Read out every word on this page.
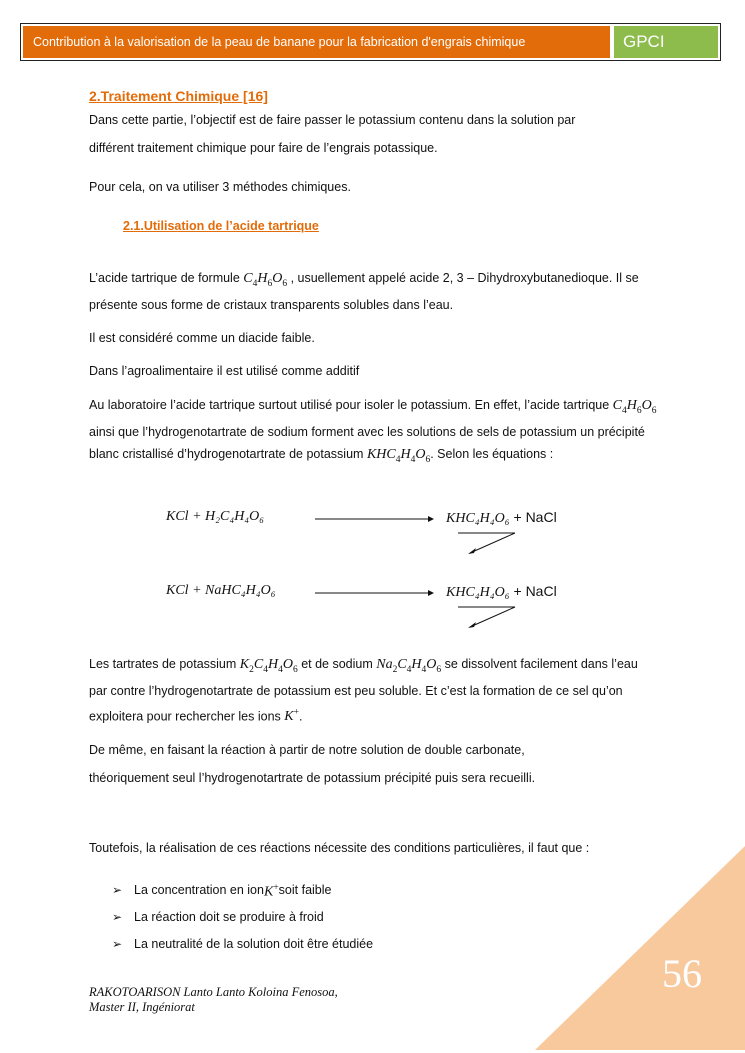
Contribution à la valorisation de la peau de banane pour la fabrication d'engrais chimique	GPCI
2.Traitement Chimique [16]

Dans cette partie, l’objectif est de faire passer le potassium contenu dans la solution par

différent traitement chimique pour faire de l’engrais potassique.

Pour cela, on va utiliser 3 méthodes chimiques.

2.1.Utilisation de l’acide tartrique

L’acide tartrique de formule $C_4H_6O_6$ , usuellement appelé acide 2, 3 – Dihydroxybutanedioque. Il se présente sous forme de cristaux transparents solubles dans l’eau.

Il est considéré comme un diacide faible.

Dans l’agroalimentaire il est utilisé comme additif

Au laboratoire l’acide tartrique surtout utilisé pour isoler le potassium. En effet, l’acide tartrique $C_4H_6O_6$ ainsi que l’hydrogenotartrate de sodium forment avec les solutions de sels de potassium un précipité blanc cristallisé d’hydrogenotartrate de potassium $KHC_4H_4O_6$. Selon les équations :

KCl + H₂C₄H₄O₆	KHC₄H₄O₆ + NaCl
KCl + NaHC₄H₄O₆	KHC₄H₄O₆ + NaCl

Les tartrates de potassium $K_2C_4H_4O_6$ et de sodium $Na_2C_4H_4O_6$ se dissolvent facilement dans l’eau par contre l’hydrogenotartrate de potassium est peu soluble. Et c’est la formation de ce sel qu’on exploitera pour rechercher les ions K+.

De même, en faisant la réaction à partir de notre solution de double carbonate,

théoriquement seul l’hydrogenotartrate de potassium précipité puis sera recueilli.

Toutefois, la réalisation de ces réactions nécessite des conditions particulières, il faut que :

➢ La concentration en ion K+ soit faible
➢ La réaction doit se produire à froid
➢ La neutralité de la solution doit être étudiée
56
RAKOTOARISON Lanto Lanto Koloina Fenosoa,
Master II, Ingéniorat
